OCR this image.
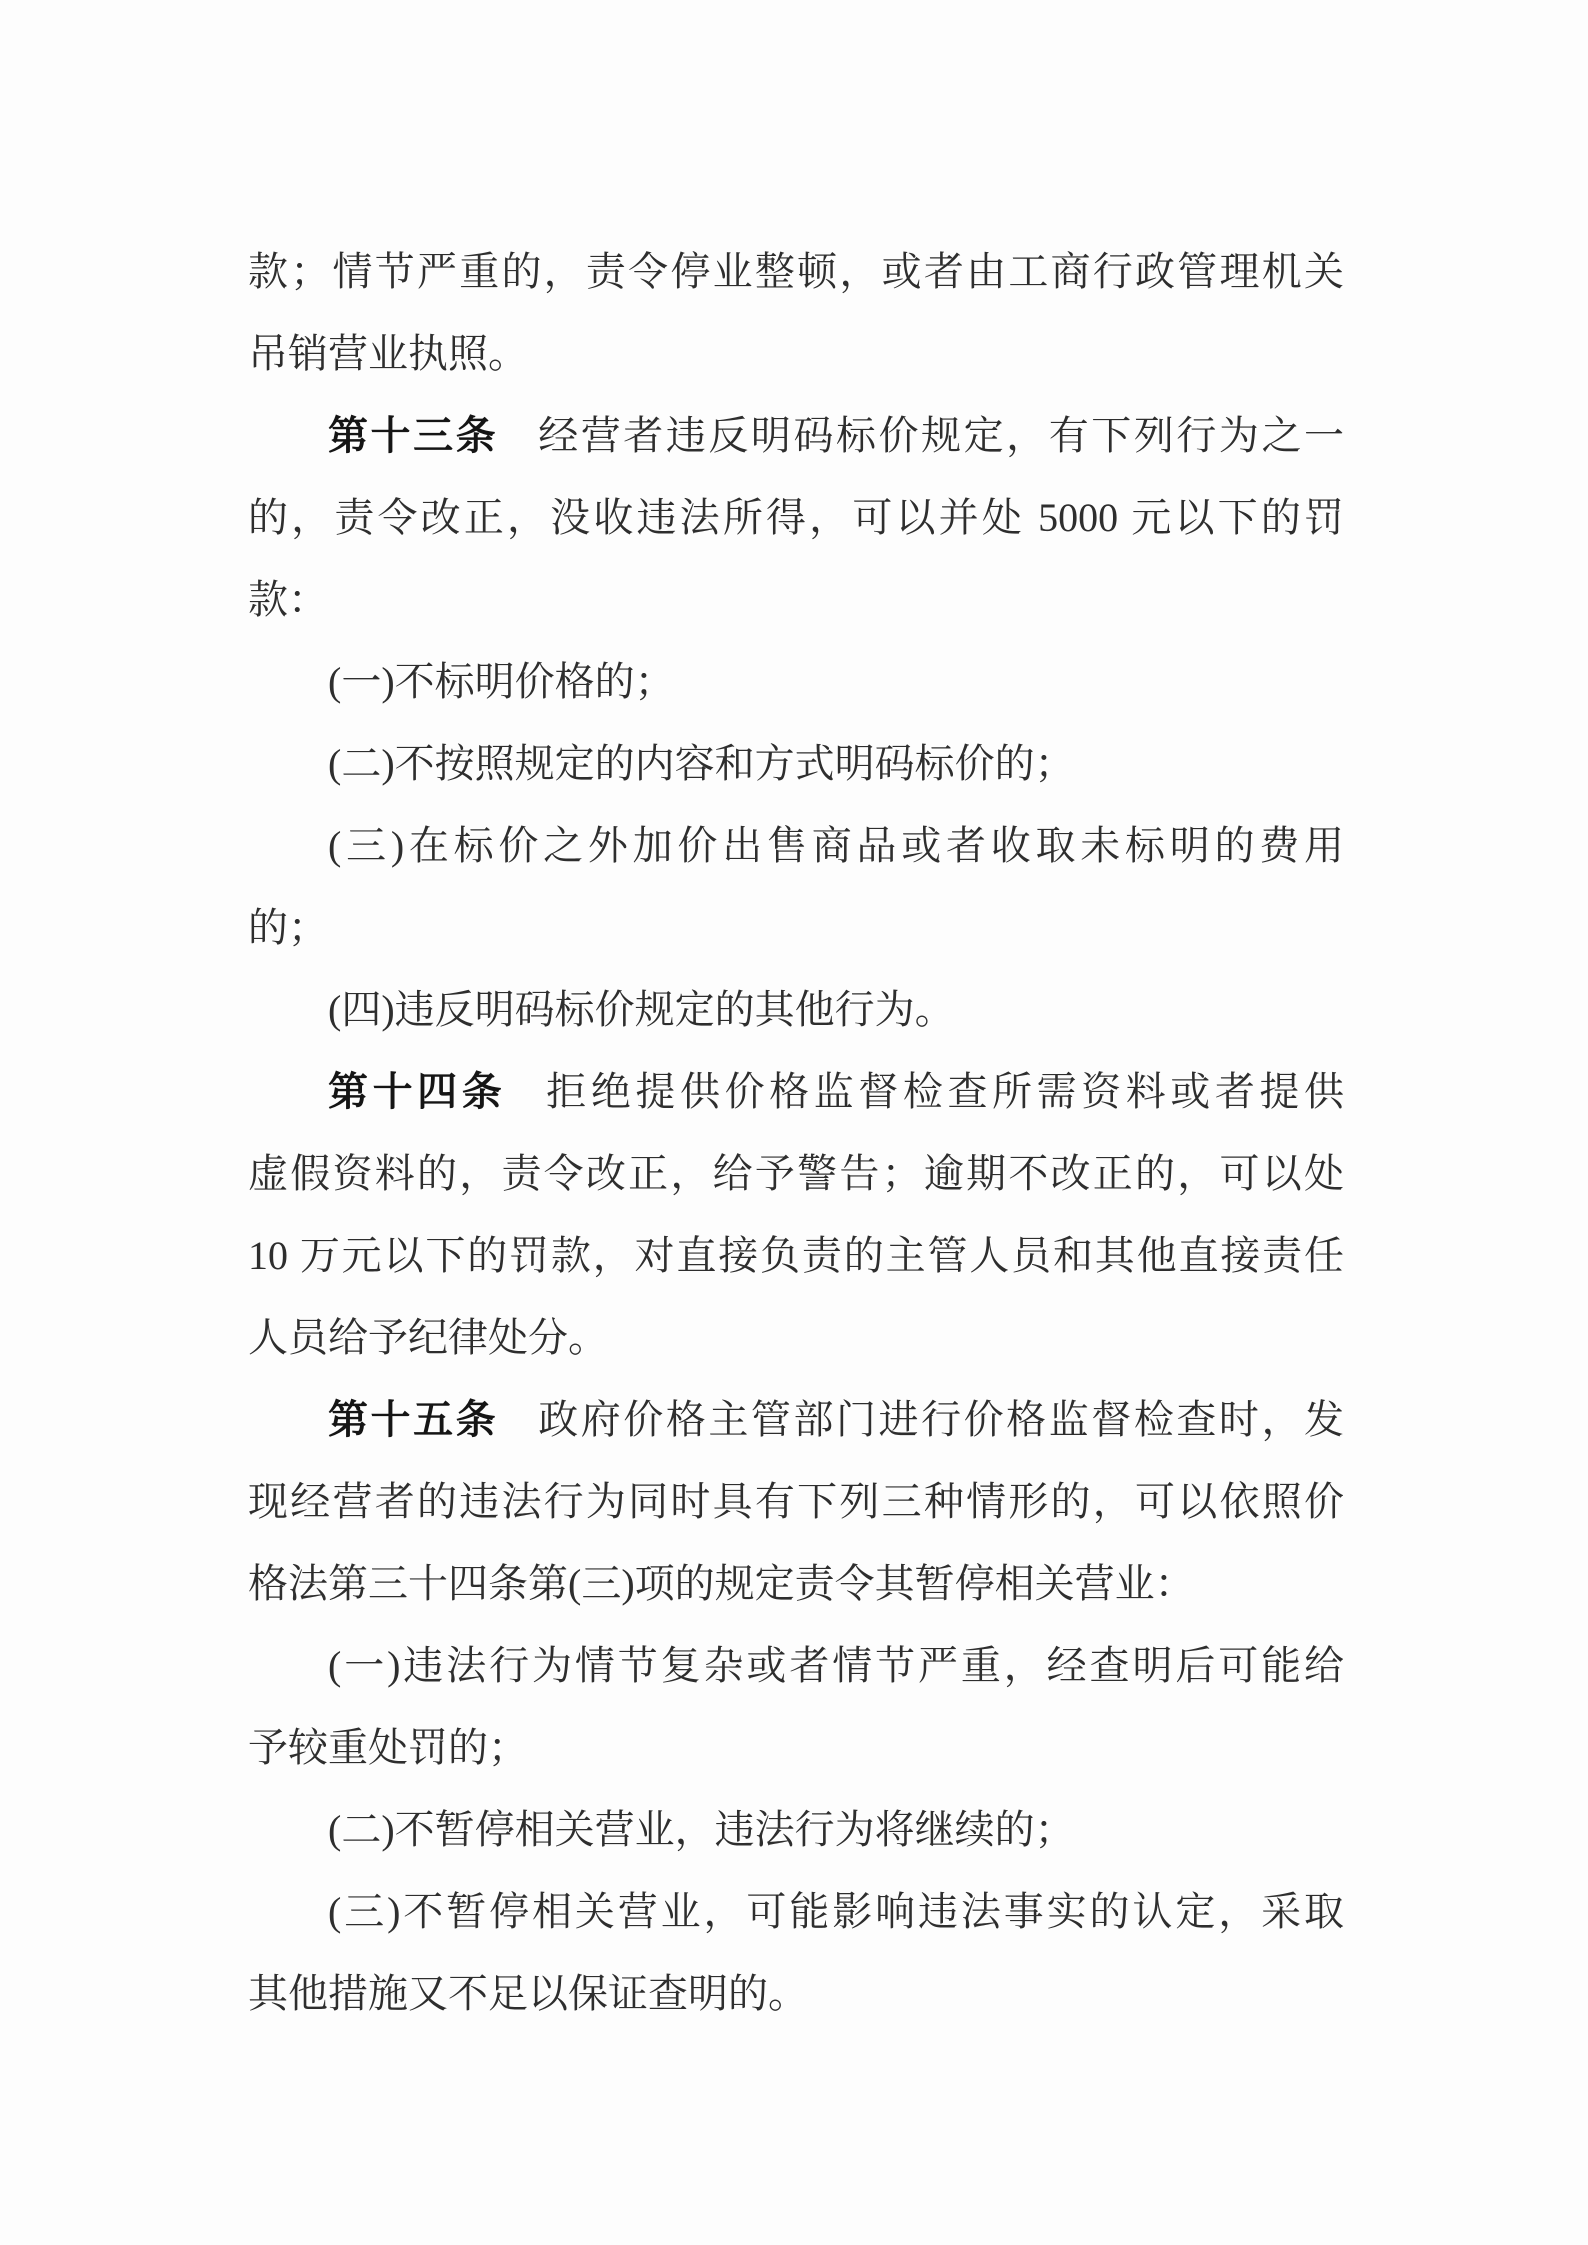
款；情节严重的，责令停业整顿，或者由工商行政管理机关
吊销营业执照。
第十三条 经营者违反明码标价规定，有下列行为之一
的，责令改正，没收违法所得，可以并处 5000 元以下的罚
款：
(一)不标明价格的；
(二)不按照规定的内容和方式明码标价的；
(三)在标价之外加价出售商品或者收取未标明的费用
的；
(四)违反明码标价规定的其他行为。
第十四条 拒绝提供价格监督检查所需资料或者提供
虚假资料的，责令改正，给予警告；逾期不改正的，可以处
10 万元以下的罚款，对直接负责的主管人员和其他直接责任
人员给予纪律处分。
第十五条 政府价格主管部门进行价格监督检查时，发
现经营者的违法行为同时具有下列三种情形的，可以依照价
格法第三十四条第(三)项的规定责令其暂停相关营业：
(一)违法行为情节复杂或者情节严重，经查明后可能给
予较重处罚的；
(二)不暂停相关营业，违法行为将继续的；
(三)不暂停相关营业，可能影响违法事实的认定，采取
其他措施又不足以保证查明的。
